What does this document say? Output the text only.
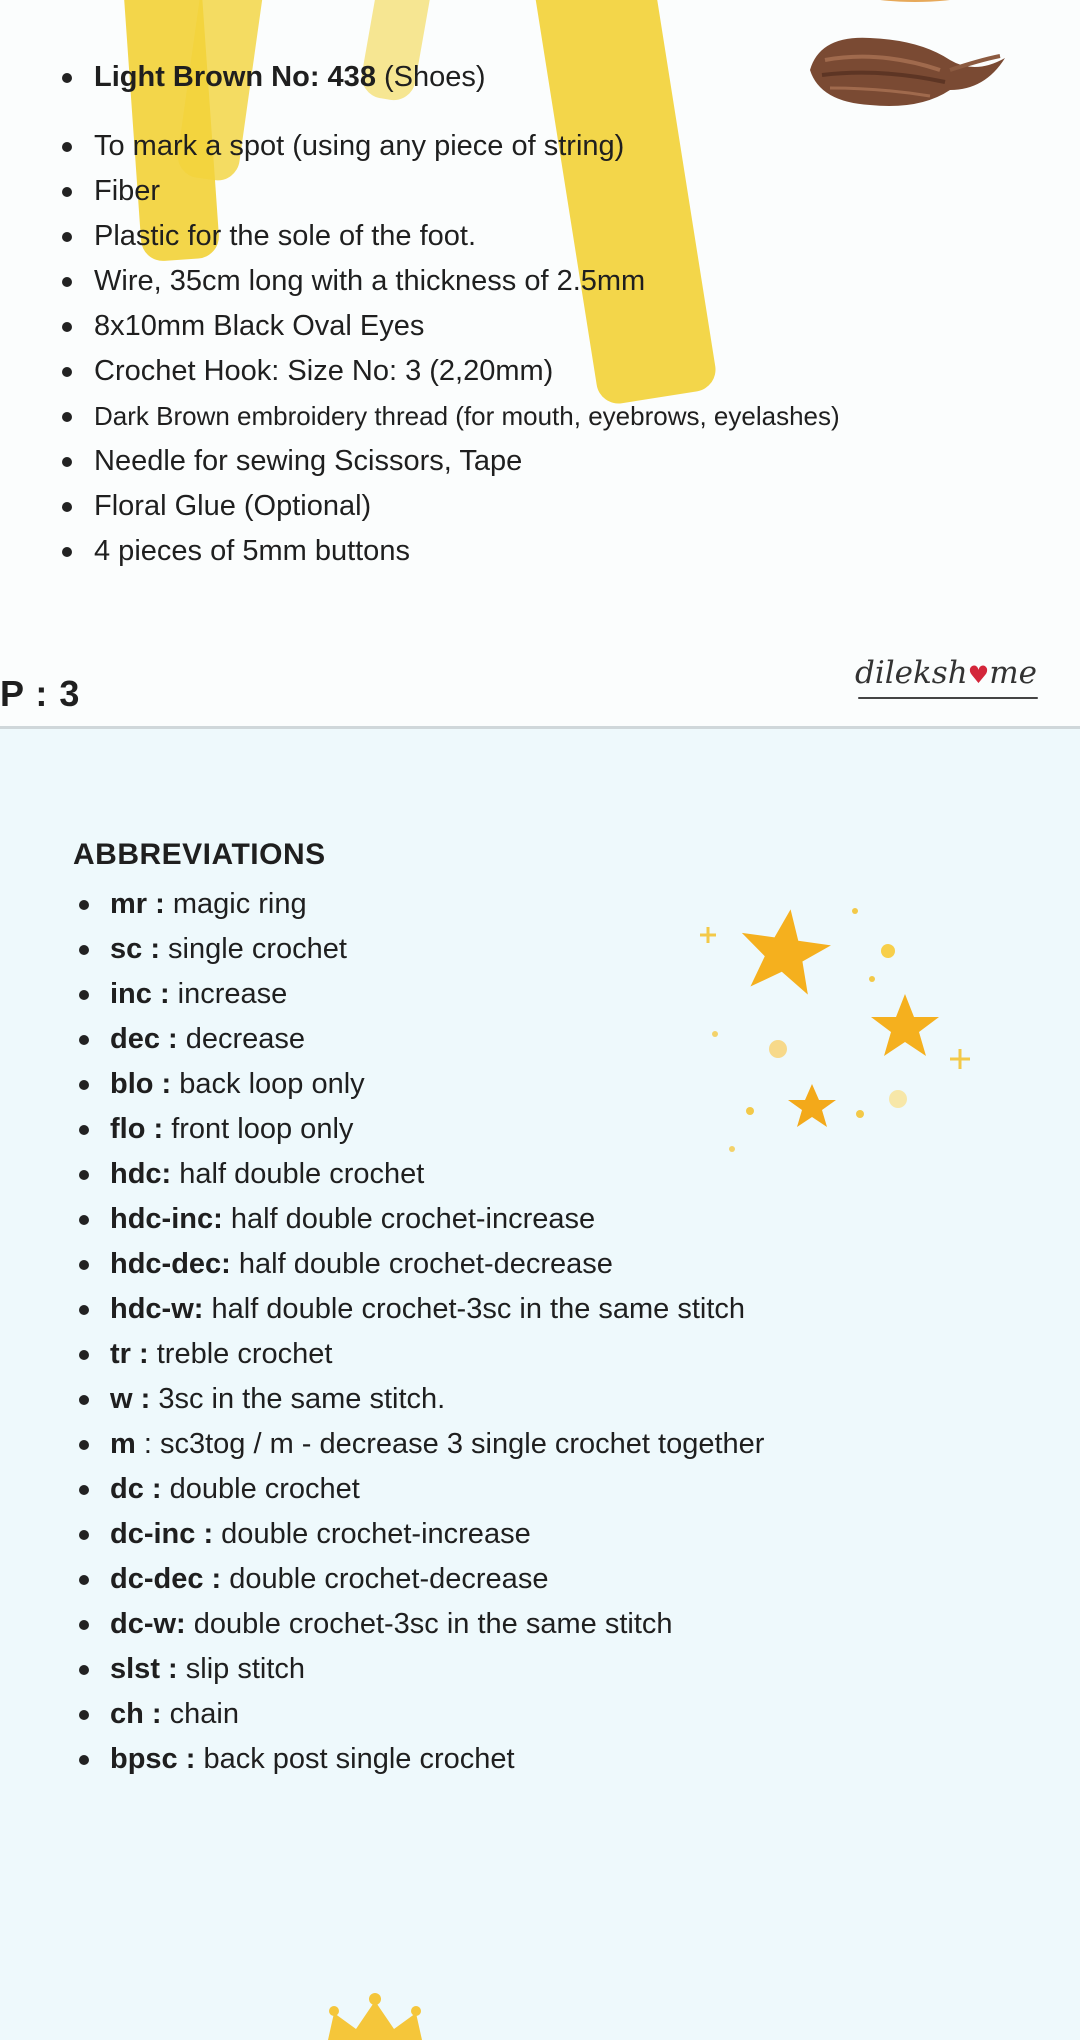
Light Brown No: 438 (Shoes)
To mark a spot (using any piece of string)
Fiber
Plastic for the sole of the foot.
Wire, 35cm long with a thickness of 2.5mm
8x10mm Black Oval Eyes
Crochet Hook: Size No: 3 (2,20mm)
Dark Brown embroidery thread (for mouth, eyebrows, eyelashes)
Needle for sewing Scissors, Tape
Floral Glue (Optional)
4 pieces of 5mm buttons
P : 3	dileksh♥me
ABBREVIATIONS
mr : magic ring
sc : single crochet
inc : increase
dec : decrease
blo : back loop only
flo : front loop only
hdc: half double crochet
hdc-inc: half double crochet-increase
hdc-dec: half double crochet-decrease
hdc-w: half double crochet-3sc in the same stitch
tr : treble crochet
w : 3sc in the same stitch.
m : sc3tog / m - decrease 3 single crochet together
dc : double crochet
dc-inc : double crochet-increase
dc-dec : double crochet-decrease
dc-w: double crochet-3sc in the same stitch
slst : slip stitch
ch : chain
bpsc : back post single crochet
